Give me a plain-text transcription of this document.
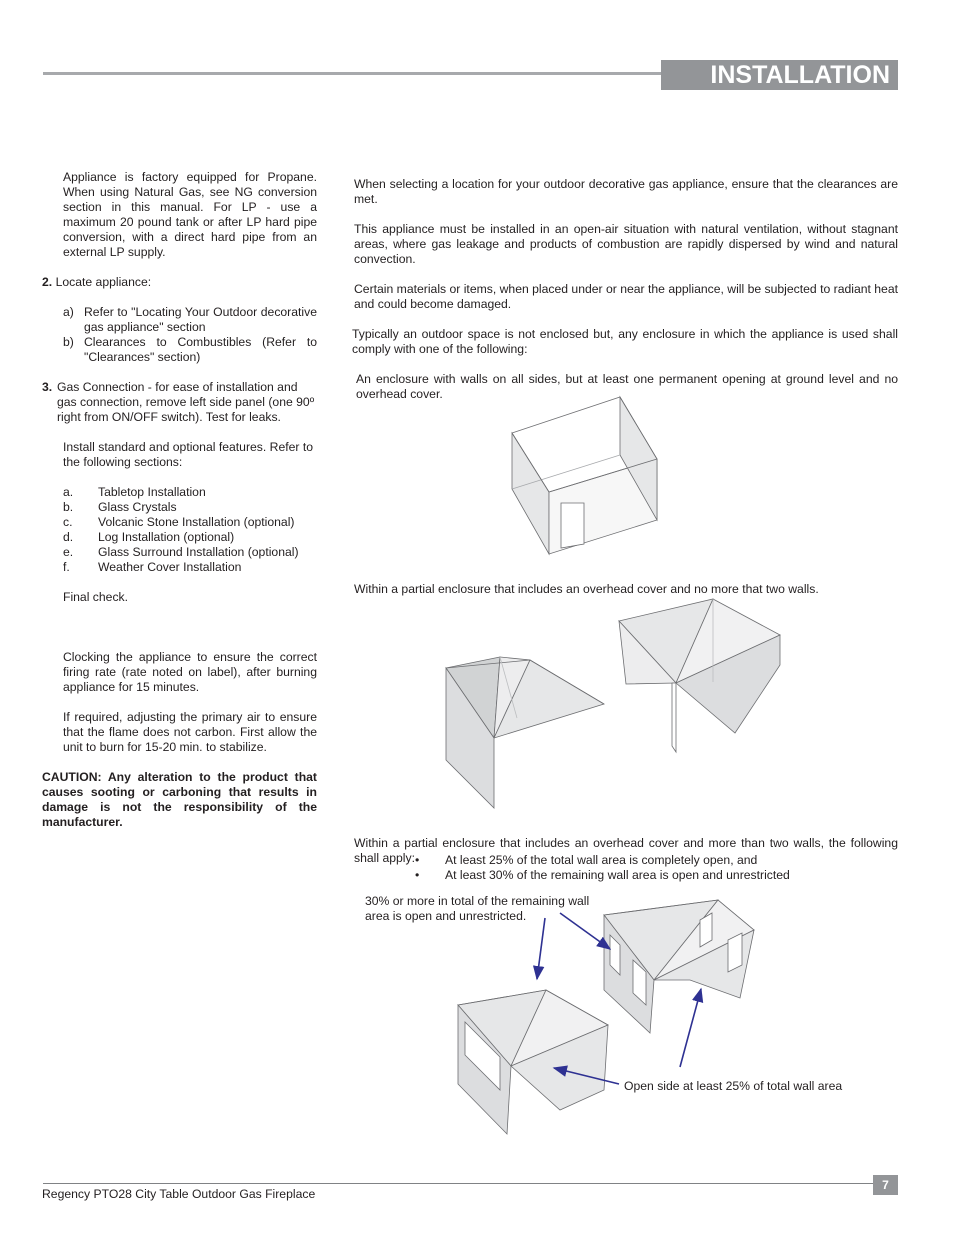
INSTALLATION

Appliance is factory equipped for Propane. When using Natural Gas, see NG conversion section in this manual. For LP - use a maximum 20 pound tank or after LP hard pipe conversion, with a direct hard pipe from an external LP supply.

2. Locate appliance:

a) Refer to "Locating Your Outdoor decorative gas appliance" section
b) Clearances to Combustibles (Refer to "Clearances" section)
3. Gas Connection - for ease of installation and gas connection, remove left side panel (one 90º right from ON/OFF switch). Test for leaks.

Install standard and optional features. Refer to the following sections:

a.	Tabletop Installation
b.	Glass Crystals
c.	Volcanic Stone Installation (optional)
d.	Log Installation (optional)
e.	Glass Surround Installation (optional)
f.	Weather Cover Installation

Final check.

Clocking the appliance to ensure the correct firing rate (rate noted on label), after burning appliance for 15 minutes.

If required, adjusting the primary air to ensure that the flame does not carbon. First allow the unit to burn for 15-20 min. to stabilize.

CAUTION: Any alteration to the product that causes sooting or carboning that results in damage is not the responsibility of the manufacturer.

When selecting a location for your outdoor decorative gas appliance, ensure that the clearances are met.

This appliance must be installed in an open-air situation with natural ventilation, without stagnant areas, where gas leakage and products of combustion are rapidly dispersed by wind and natural convection.

Certain materials or items, when placed under or near the appliance, will be subjected to radiant heat and could become damaged.

Typically an outdoor space is not enclosed but, any enclosure in which the appliance is used shall comply with one of the following:

An enclosure with walls on all sides, but at least one permanent opening at ground level and no overhead cover.

Within a partial enclosure that includes an overhead cover and no more that two walls.

Within a partial enclosure that includes an overhead cover and more than two walls, the following shall apply: •	At least 25% of the total wall area is completely open, and
•	At least 30% of the remaining wall area is open and unrestricted

30% or more in total of the remaining wall area is open and unrestricted.

Open side at least 25% of total wall area

7
Regency PTO28 City Table Outdoor Gas Fireplace
